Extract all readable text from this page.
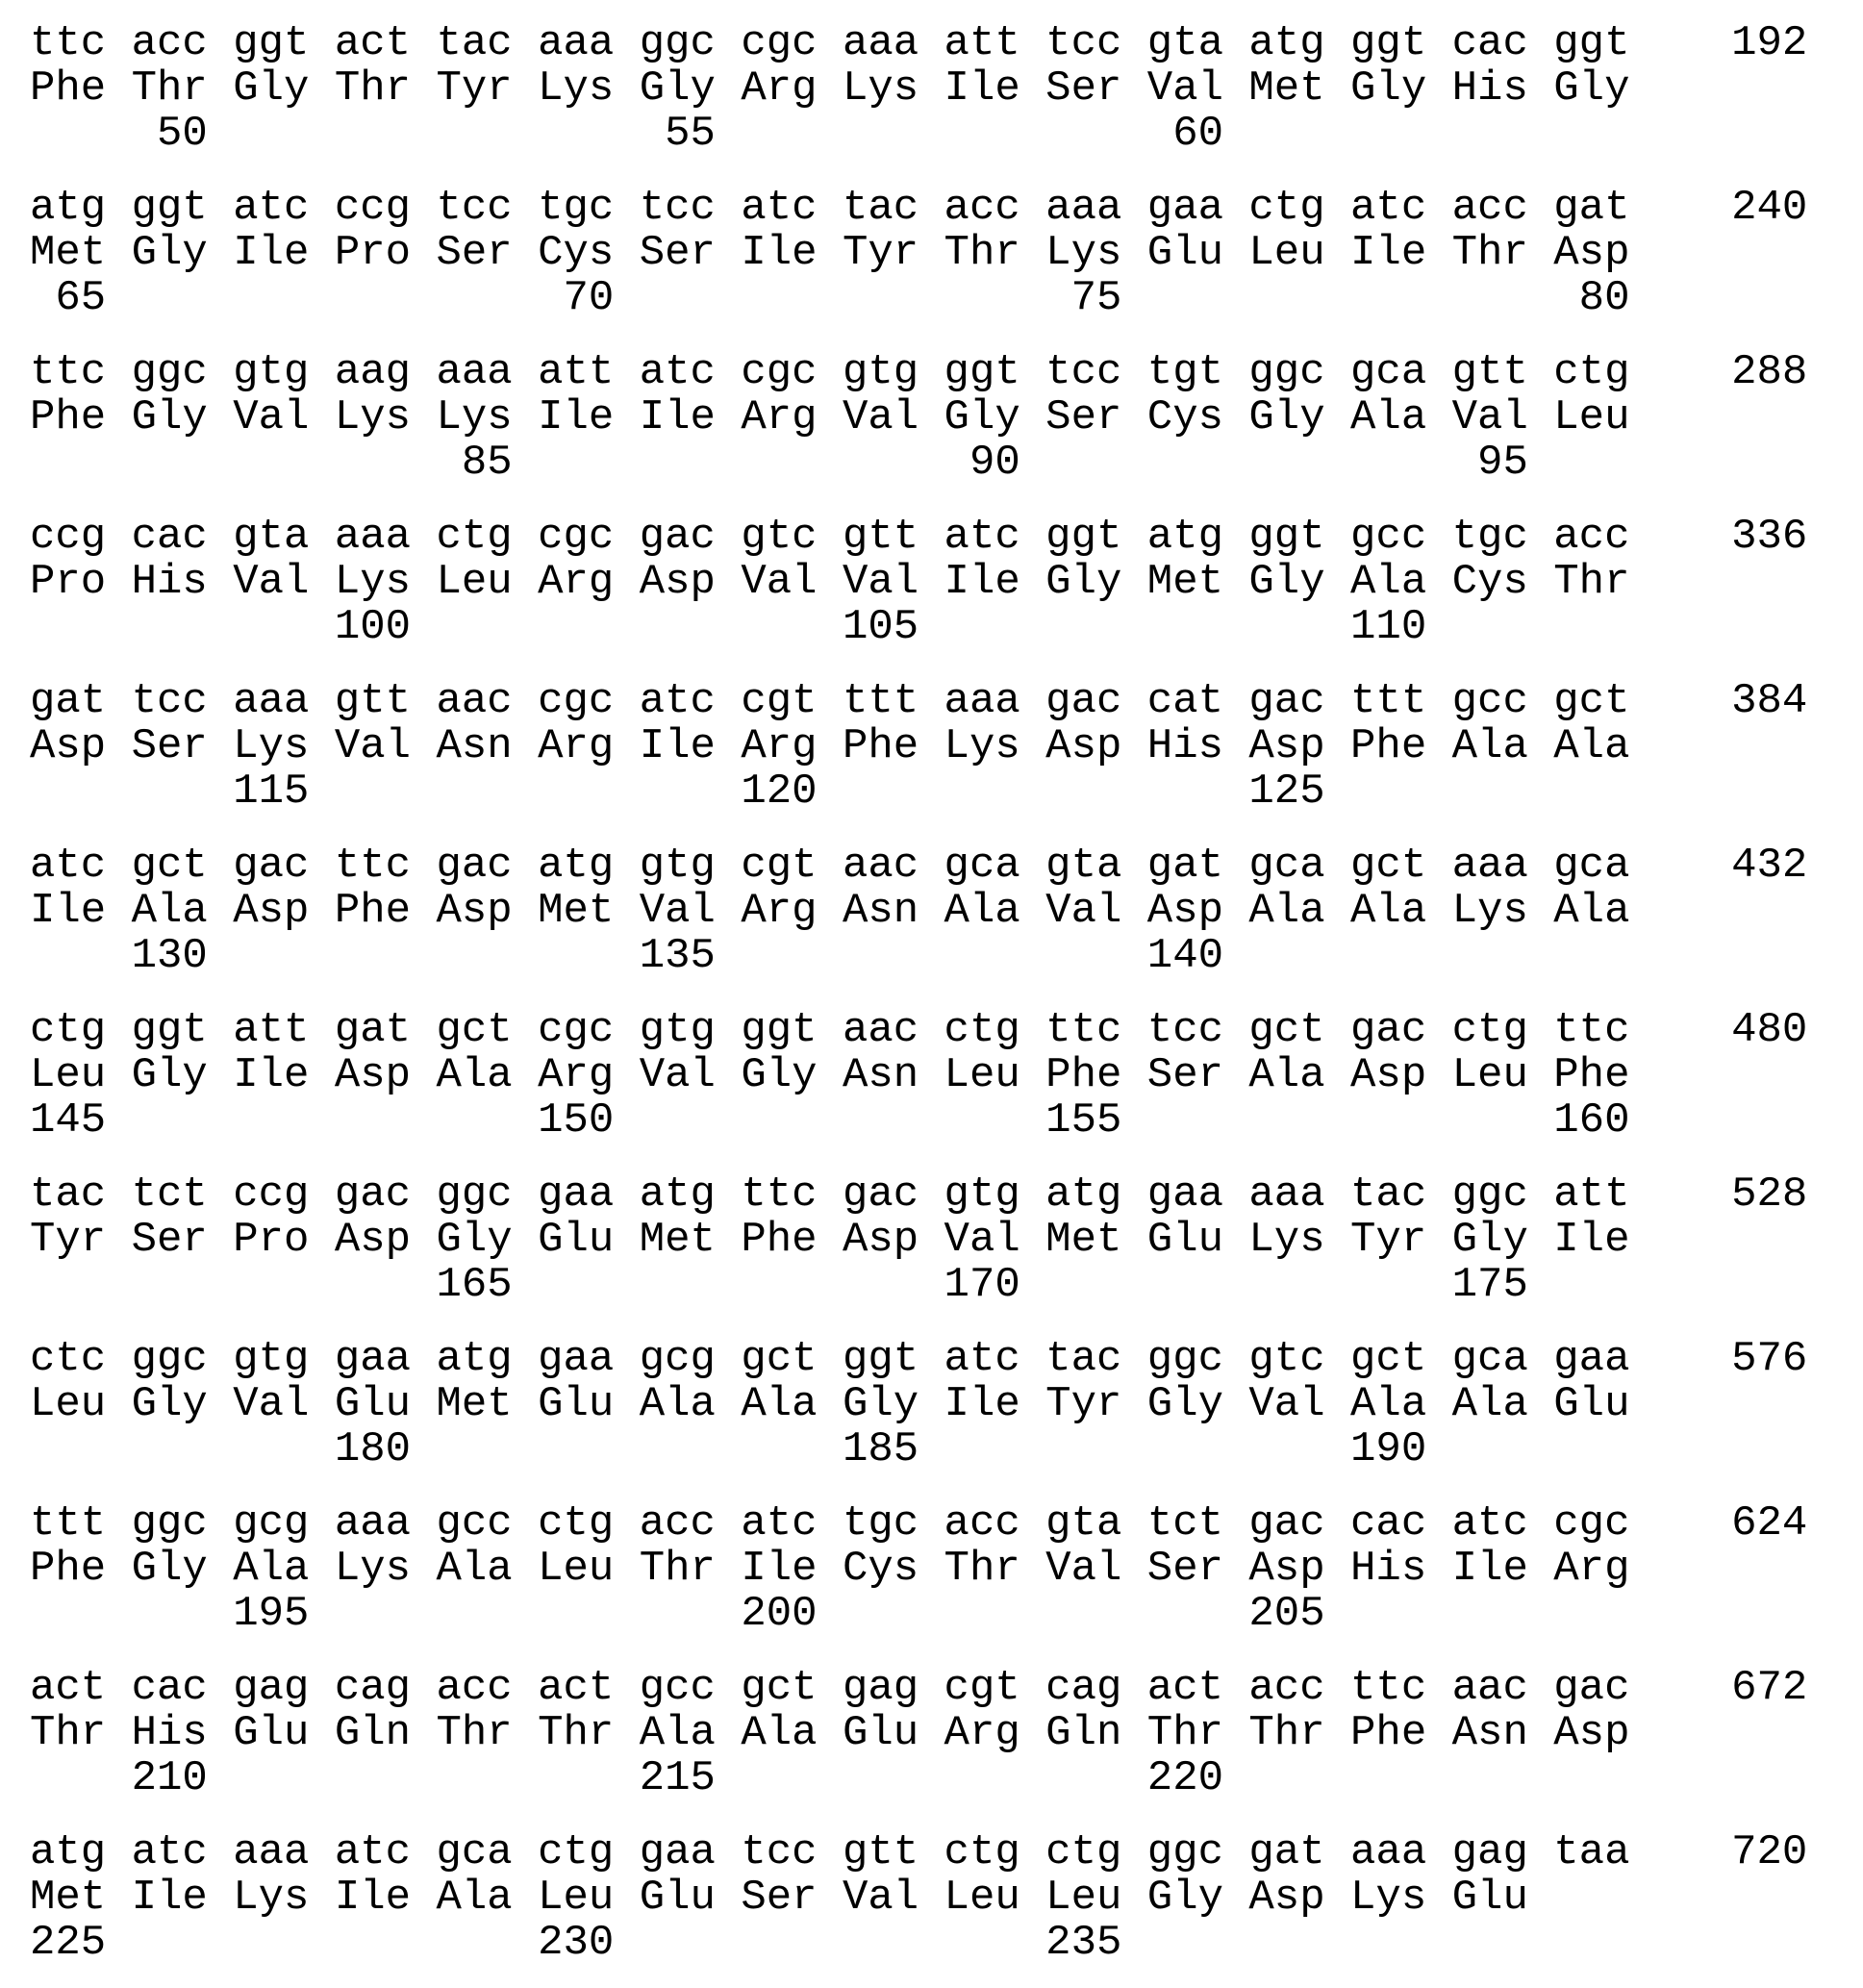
ttc acc ggt act tac aaa ggc cgc aaa att tcc gta atg ggt cac ggt 192
Phe Thr Gly Thr Tyr Lys Gly Arg Lys Ile Ser Val Met Gly His Gly
50                  55                  60
atg ggt atc ccg tcc tgc tcc atc tac acc aaa gaa ctg atc acc gat 240
Met Gly Ile Pro Ser Cys Ser Ile Tyr Thr Lys Glu Leu Ile Thr Asp
65                  70                  75                  80
ttc ggc gtg aag aaa att atc cgc gtg ggt tcc tgt ggc gca gtt ctg 288
Phe Gly Val Lys Lys Ile Ile Arg Val Gly Ser Cys Gly Ala Val Leu
85                  90                  95
ccg cac gta aaa ctg cgc gac gtc gtt atc ggt atg ggt gcc tgc acc 336
Pro His Val Lys Leu Arg Asp Val Val Ile Gly Met Gly Ala Cys Thr
100                 105                 110
gat tcc aaa gtt aac cgc atc cgt ttt aaa gac cat gac ttt gcc gct 384
Asp Ser Lys Val Asn Arg Ile Arg Phe Lys Asp His Asp Phe Ala Ala
115                 120                 125
atc gct gac ttc gac atg gtg cgt aac gca gta gat gca gct aaa gca 432
Ile Ala Asp Phe Asp Met Val Arg Asn Ala Val Asp Ala Ala Lys Ala
130                 135                 140
ctg ggt att gat gct cgc gtg ggt aac ctg ttc tcc gct gac ctg ttc 480
Leu Gly Ile Asp Ala Arg Val Gly Asn Leu Phe Ser Ala Asp Leu Phe
145                 150                 155                 160
tac tct ccg gac ggc gaa atg ttc gac gtg atg gaa aaa tac ggc att 528
Tyr Ser Pro Asp Gly Glu Met Phe Asp Val Met Glu Lys Tyr Gly Ile
165                 170                 175
ctc ggc gtg gaa atg gaa gcg gct ggt atc tac ggc gtc gct gca gaa 576
Leu Gly Val Glu Met Glu Ala Ala Gly Ile Tyr Gly Val Ala Ala Glu
180                 185                 190
ttt ggc gcg aaa gcc ctg acc atc tgc acc gta tct gac cac atc cgc 624
Phe Gly Ala Lys Ala Leu Thr Ile Cys Thr Val Ser Asp His Ile Arg
195                 200                 205
act cac gag cag acc act gcc gct gag cgt cag act acc ttc aac gac 672
Thr His Glu Gln Thr Thr Ala Ala Glu Arg Gln Thr Thr Phe Asn Asp
210                 215                 220
atg atc aaa atc gca ctg gaa tcc gtt ctg ctg ggc gat aaa gag taa 720
Met Ile Lys Ile Ala Leu Glu Ser Val Leu Leu Gly Asp Lys Glu
225                 230                 235
